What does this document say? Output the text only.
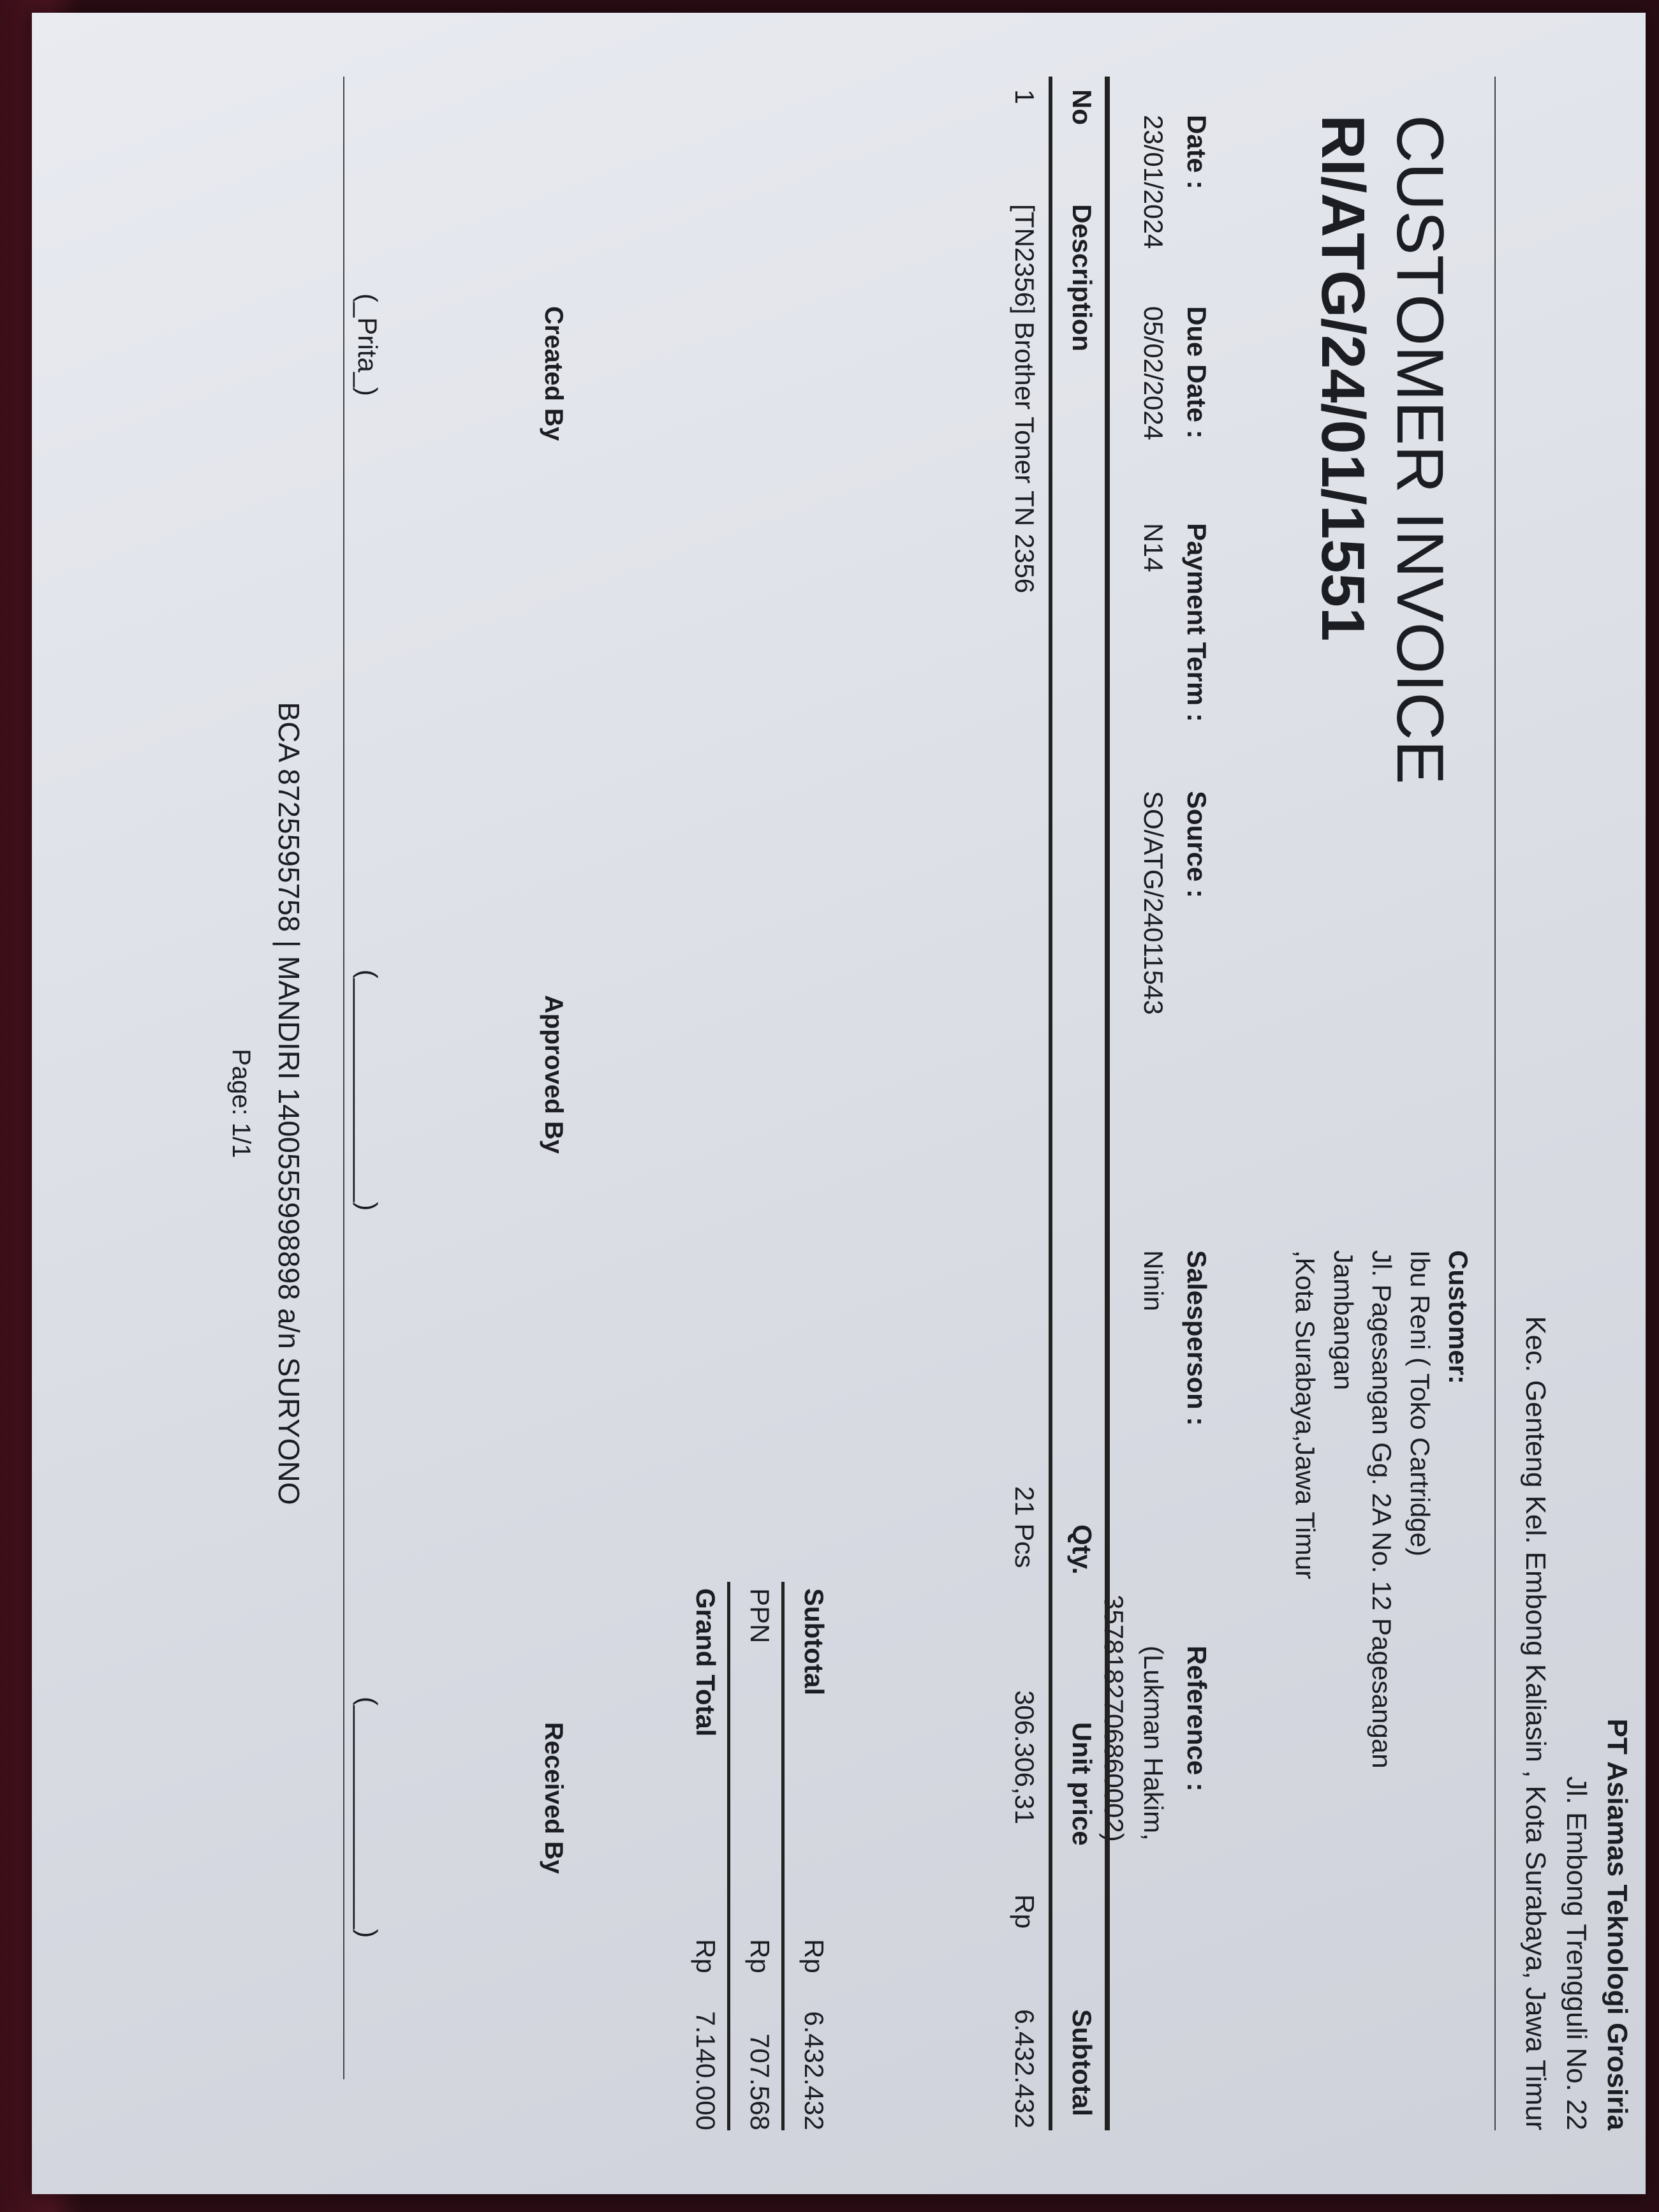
PT Asiamas Teknologi Grosiria
Jl. Embong Trengguli No. 22
Kec. Genteng Kel. Embong Kaliasin , Kota Surabaya, Jawa Timur
Customer:
Ibu Reni ( Toko Cartridge)
Jl. Pagesangan Gg. 2A No. 12 Pagesangan
Jambangan
,Kota Surabaya,Jawa Timur
CUSTOMER INVOICE
RI/ATG/24/01/1551
Date :
23/01/2024
Due Date :
05/02/2024
Payment Term :
N14
Source :
SO/ATG/24011543
Salesperson :
Ninin
Reference :
(Lukman Hakim,
3578182706860002)
No
Description
Qty.
Unit price
Subtotal
1
[TN2356] Brother Toner TN 2356
21 Pcs
306.306,31
Rp
6.432.432
Subtotal
Rp
6.432.432
PPN
Rp
707.568
Grand Total
Rp
7.140.000
Created By
Approved By
Received By
(_Prita_)
(_______________)
(_______________)
BCA 8725595758 | MANDIRI 1400555998898 a/n SURYONO
Page: 1/1
